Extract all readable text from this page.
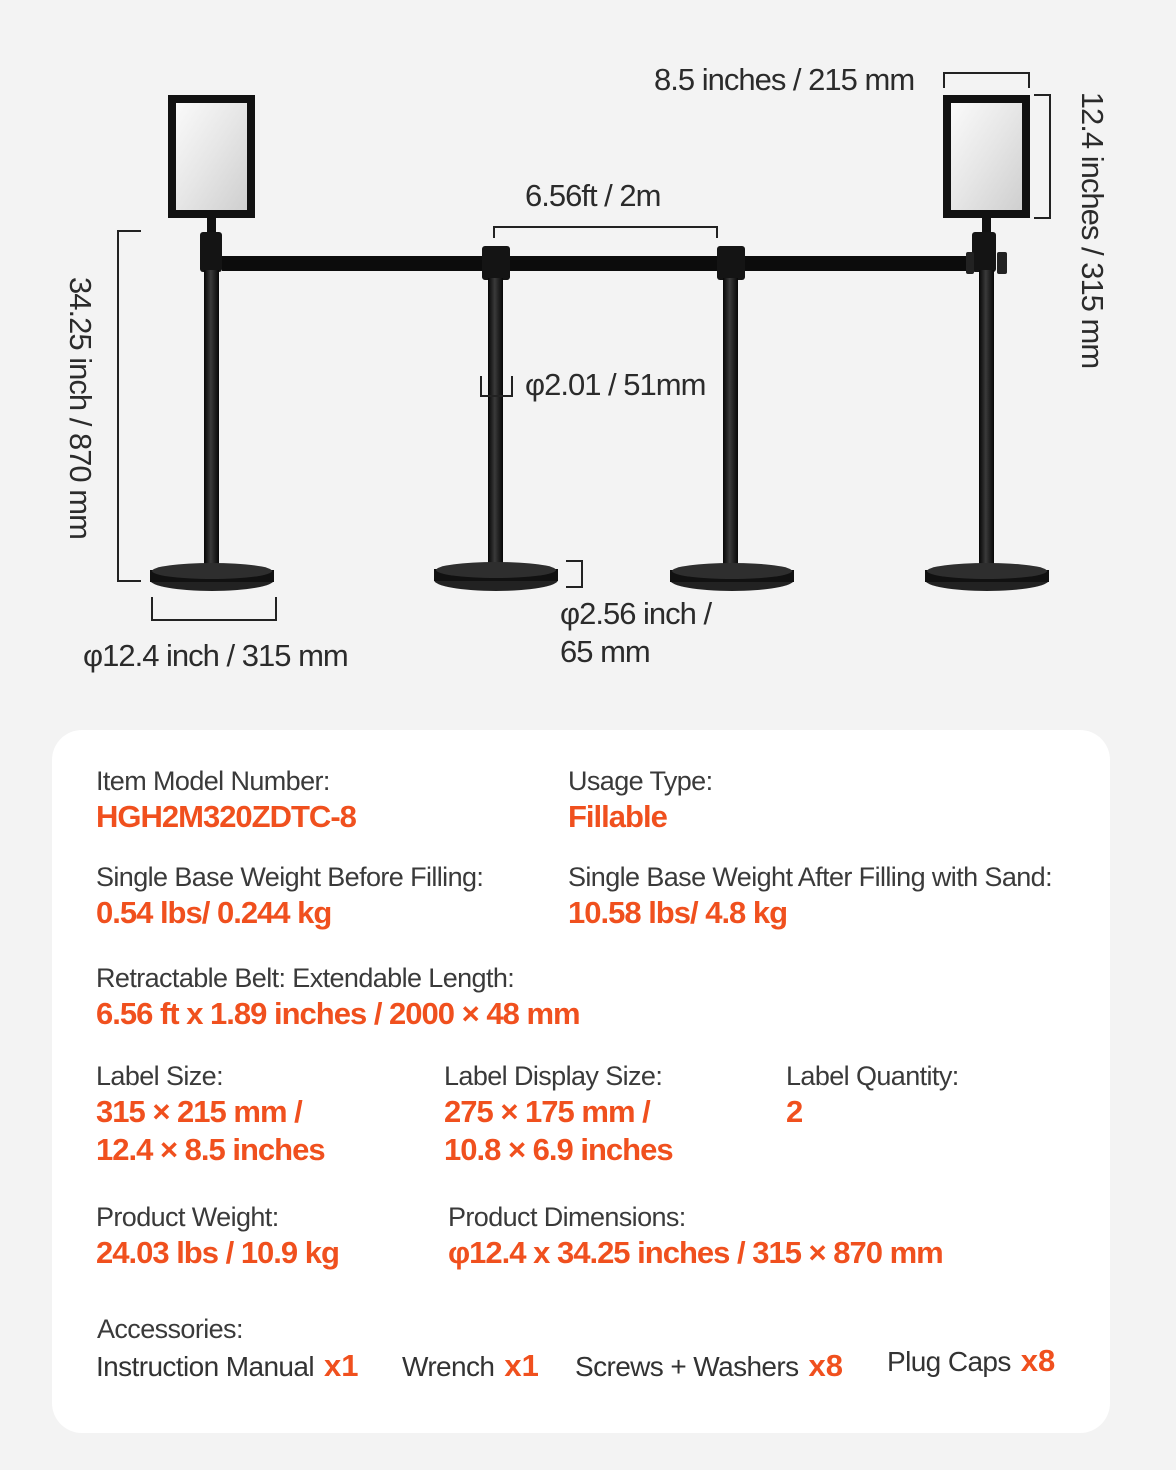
8.5 inches / 215 mm
12.4 inches / 315 mm
6.56ft / 2m
φ2.01 / 51mm
34.25 inch / 870 mm
φ2.56 inch /
65 mm
φ12.4 inch / 315 mm
Item Model Number:
HGH2M320ZDTC-8
Usage Type:
Fillable
Single Base Weight Before Filling:
0.54 lbs/ 0.244 kg
Single Base Weight After Filling with Sand:
10.58 lbs/ 4.8 kg
Retractable Belt: Extendable Length:
6.56 ft x 1.89 inches / 2000 × 48 mm
Label Size:
315 × 215 mm /
12.4 × 8.5 inches
Label Display Size:
275 × 175 mm /
10.8 × 6.9 inches
Label Quantity:
2
Product Weight:
24.03 lbs / 10.9 kg
Product Dimensions:
φ12.4 x 34.25 inches / 315 × 870 mm
Accessories:
Instruction Manual x1 Wrench x1 Screws + Washers x8 Plug Caps x8
